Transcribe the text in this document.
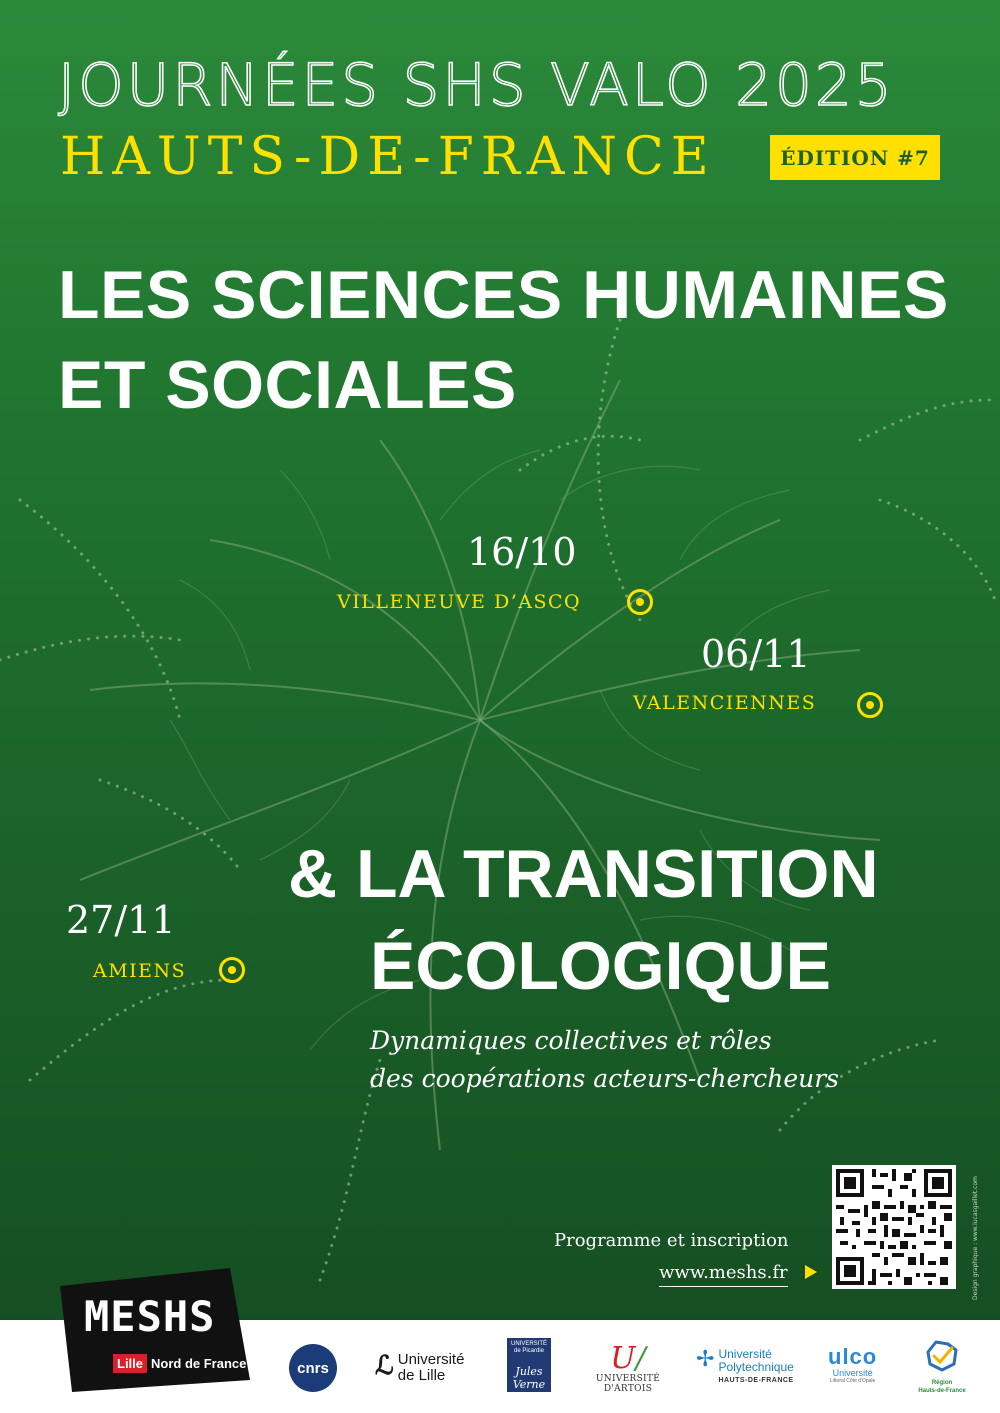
JOURNÉES SHS VALO 2025
HAUTS-DE-FRANCE	ÉDITION #7
LES SCIENCES HUMAINES
ET SOCIALES
16/10
VILLENEUVE D’ASCQ
06/11
VALENCIENNES
27/11
AMIENS
& LA TRANSITION
ÉCOLOGIQUE
Dynamiques collectives et rôles
des coopérations acteurs-chercheurs
Programme et inscription
www.meshs.fr	Design graphique : www.lucasgaillet.com
MESHS
Lille Nord de France	cnrs	ℒ Université
de Lille
UNIVERSITÉ de Picardie
Jules Verne
U/
UNIVERSITÉ D'ARTOIS
✢ Université
Polytechnique
HAUTS-DE-FRANCE
ulco
Université
Littoral Côte d'Opale	Région
Hauts-de-France
